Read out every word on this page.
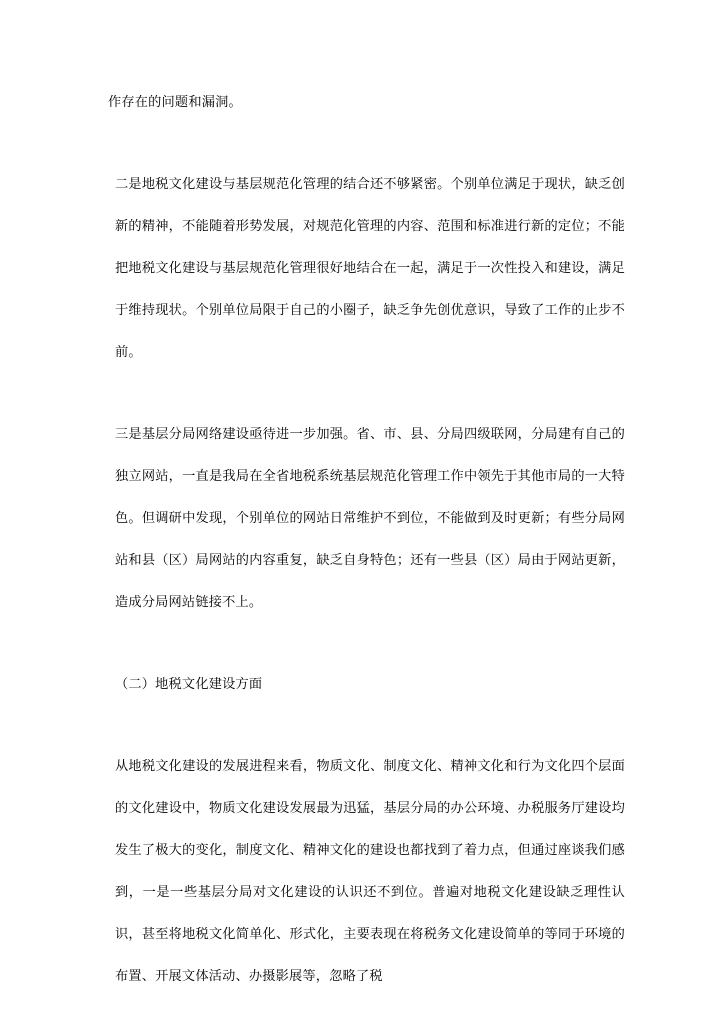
作存在的问题和漏洞。

二是地税文化建设与基层规范化管理的结合还不够紧密。个别单位满足于现状，缺乏创新的精神，不能随着形势发展，对规范化管理的内容、范围和标准进行新的定位；不能把地税文化建设与基层规范化管理很好地结合在一起，满足于一次性投入和建设，满足于维持现状。个别单位局限于自己的小圈子，缺乏争先创优意识，导致了工作的止步不前。

三是基层分局网络建设亟待进一步加强。省、市、县、分局四级联网，分局建有自己的独立网站，一直是我局在全省地税系统基层规范化管理工作中领先于其他市局的一大特色。但调研中发现，个别单位的网站日常维护不到位，不能做到及时更新；有些分局网站和县（区）局网站的内容重复，缺乏自身特色；还有一些县（区）局由于网站更新，造成分局网站链接不上。

（二）地税文化建设方面

从地税文化建设的发展进程来看，物质文化、制度文化、精神文化和行为文化四个层面的文化建设中，物质文化建设发展最为迅猛，基层分局的办公环境、办税服务厅建设均发生了极大的变化，制度文化、精神文化的建设也都找到了着力点，但通过座谈我们感到，一是一些基层分局对文化建设的认识还不到位。普遍对地税文化建设缺乏理性认识，甚至将地税文化简单化、形式化，主要表现在将税务文化建设简单的等同于环境的布置、开展文体活动、办摄影展等，忽略了税
